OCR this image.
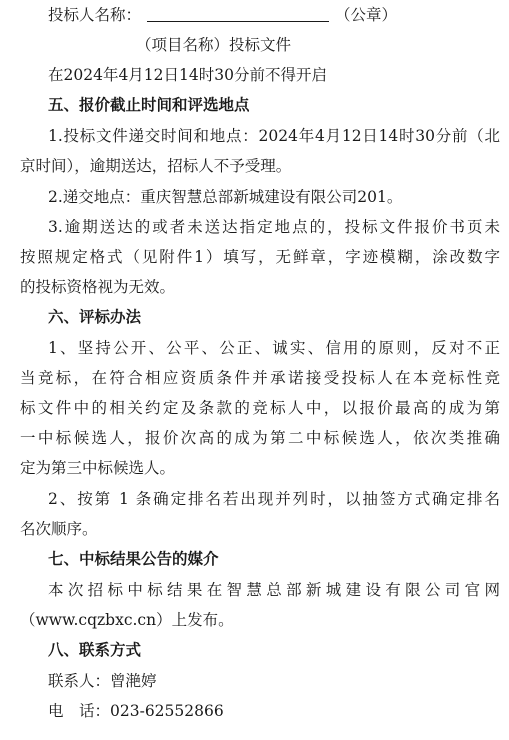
投标人名称：	（公章）
（项目名称）投标文件
在2024年4月12日14时30分前不得开启
五、报价截止时间和评选地点
1.投标文件递交时间和地点：2024年4月12日14时30分前（北
京时间），逾期送达，招标人不予受理。
2.递交地点：重庆智慧总部新城建设有限公司201。
3.逾期送达的或者未送达指定地点的，投标文件报价书页未
按照规定格式（见附件1）填写，无鲜章，字迹模糊，涂改数字
的投标资格视为无效。
六、评标办法
1、坚持公开、公平、公正、诚实、信用的原则，反对不正
当竞标，在符合相应资质条件并承诺接受投标人在本竞标性竞
标文件中的相关约定及条款的竞标人中，以报价最高的成为第
一中标候选人，报价次高的成为第二中标候选人，依次类推确
定为第三中标候选人。
2、按第 1 条确定排名若出现并列时，以抽签方式确定排名
名次顺序。
七、中标结果公告的媒介
本次招标中标结果在智慧总部新城建设有限公司官网
（www.cqzbxc.cn）上发布。
八、联系方式
联系人：曾滟婷
电　话：023-62552866
